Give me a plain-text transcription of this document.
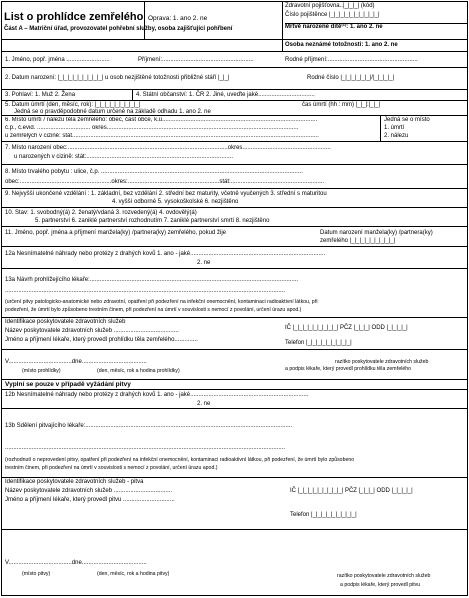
List o prohlídce zemřelého Oprava: 1. ano 2. ne
Zdravotní pojišťovna..|_|_|_| (kód)
Číslo pojištěnce |_|_|_|_|_|_|_|_|_|_|
Mrtvě narozené dítě⁽¹⁾: 1. ano 2. ne
Část A – Matriční úřad, provozovatel pohřební služby, osoba zajišťující pohřbení
Osoba neznámé totožnosti: 1. ano 2. ne
1. Jméno, popř. jména ..........................	Příjmení:.......................................................	Rodné příjmení:......................................................
2. Datum narození: |_|_|_|_|_|_|_|_|_| u osob nezjištěné totožnosti přibližné stáří |_|_|	Rodné číslo |_|_|_|_|_|_|/|_|_|_|_|
3. Pohlaví: 1. Muž 2. Žena	4. Státní občanství: 1. ČR 2. Jiné, uveďte jaké..................................
5. Datum úmrtí (den, měsíc, rok): |_|_|_|_|_|_|_|_|_|	čas úmrtí (hh : mm) |_|_|:|_|_|
Jedná se o pravděpodobné datum určené na základě odhadu 1. ano 2. ne
6. Místo úmrtí / nálezu těla zemřelého: obec, část obce, k.ú.............................................................................................
č.p., č.evid. ................................ okres...................................................................................................................
u zemřelých v cizině: stát....................................................................................................................................................
Jedná se o místo
1. úmrtí
2. nálezu
7. Místo narození obec:................................................................................................okres.....................................................
u narozených v cizině: stát:........................................................................................
8. Místo trvalého pobytu : ulice, č.p. .........................................................................................................................
obec:.......................................................okres:.......................................................stát:........................................................
9. Nejvyšší ukončené vzdělání : 1. základní, bez vzdělání 2. střední bez maturity, včetně vyučených 3. střední s maturitou
4. vyšší odborné 5. vysokoškolské 6. nezjištěno
10. Stav: 1. svobodný(á) 2. ženatý/vdaná 3. rozvedený(á) 4. ovdovělý(á)
5. partnerství 6. zaniklé partnerství rozhodnutím 7. zaniklé partnerství smrtí 8. nezjištěno
11. Jméno, popř. jména a příjmení manžela(ky) /partnera(ky) zemřelého, pokud žije	Datum narození manžela(ky) /partnera(ky)
zemřelého |_|_|_|_|_|_|_|_|_|
12a Nesnímatelné náhrady nebo protézy z drahých kovů 1. ano - jaké.................................................................................
2. ne
13a Návrh prohlížejícího lékaře:.............................................................................................................................
........................................................................................................................................................................
(určení pitvy patologicko-anatomické nebo zdravotní, opatření při podezření na infekční onemocnění, kontaminaci radioaktivní látkou, při
podezření, že úmrtí bylo způsobeno trestním činem, při podezření na úmrtí v souvislosti s nemocí z povolání, určení úrazu apod.)
Identifikace poskytovatele zdravotních služeb
Název poskytovatele zdravotních služeb .......................................
Jméno a příjmení lékaře, který provedl prohlídku těla zemřelého..............
IČ |_|_|_|_|_|_|_|_|_| PČZ |_|_|_| ODD |_|_|_|_|
Telefon |_|_|_|_|_|_|_|_|_|
V......................................dne.......................................
(místo prohlídky)	(den, měsíc, rok a hodina prohlídky)
razítko poskytovatele zdravotních služeb
a podpis lékaře, který provedl prohlídku těla zemřelého
Vyplní se pouze v případě vyžádání pitvy
12b Nesnímatelné náhrady nebo protézy z drahých kovů 1. ano - jaké.......................................................................
2. ne
13b Sdělení pitvajícího lékaře:............................................................................................................................
........................................................................................................................................................................
(rozhodnutí o neprovedení pitvy, opatření při podezření na infekční onemocnění, kontaminaci radioaktivní látkou, při podezření, že úmrtí bylo způsobeno
trestním činem, při podezření na úmrtí v souvislosti s nemocí z povolání, určení úrazu apod.)
Identifikace poskytovatele zdravotních služeb - pitva
Název poskytovatele zdravotních služeb ...................................
Jméno a příjmení lékaře, který provedl pitvu ...............................
IČ |_|_|_|_|_|_|_|_|_| PČZ |_|_|_| ODD |_|_|_|_|
Telefon |_|_|_|_|_|_|_|_|_|
V......................................dne.......................................
(místo pitvy)	(den, měsíc, rok a hodina pitvy)	razítko poskytovatele zdravotních služeb
a podpis lékaře, který provedl pitvu
